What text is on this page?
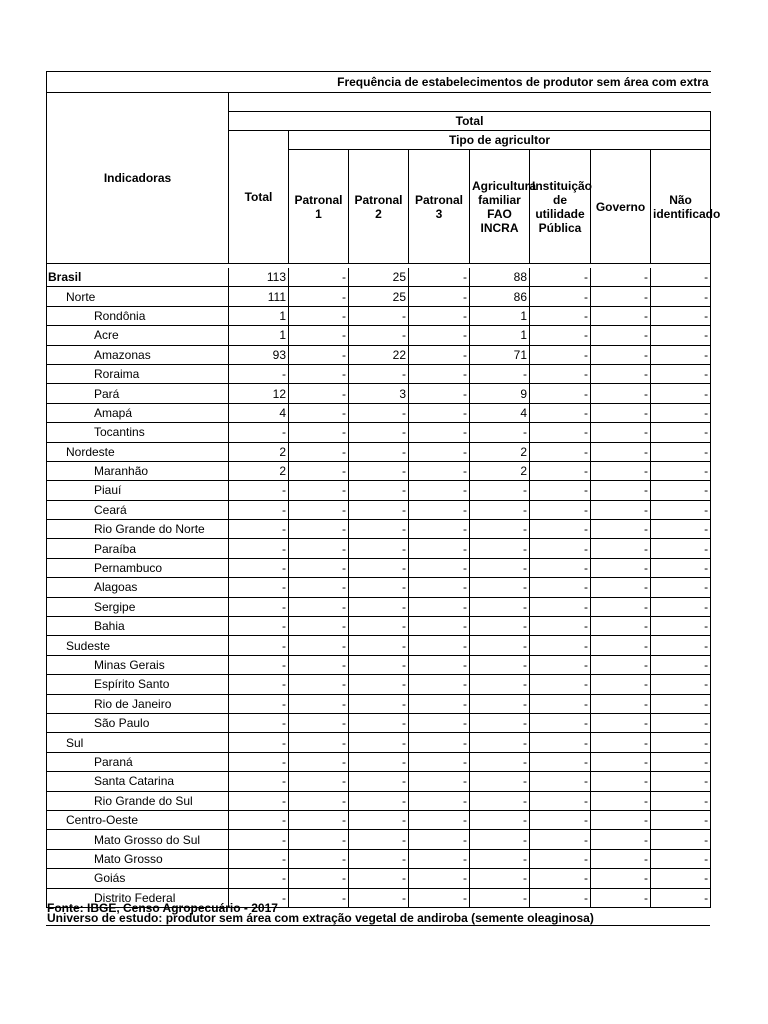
Frequência de estabelecimentos de produtor sem área com extra								
Indicadoras								
	Total							
	Total	Tipo de agricultor						
		Patronal 1	Patronal 2	Patronal 3	Agricultura familiar FAO INCRA	Instituição de utilidade Pública	Governo	Não identificado

Brasil	113	-	25	-	88	-	-	-
Norte	111	-	25	-	86	-	-	-
Rondônia	1	-	-	-	1	-	-	-
Acre	1	-	-	-	1	-	-	-
Amazonas	93	-	22	-	71	-	-	-
Roraima	-	-	-	-	-	-	-	-
Pará	12	-	3	-	9	-	-	-
Amapá	4	-	-	-	4	-	-	-
Tocantins	-	-	-	-	-	-	-	-
Nordeste	2	-	-	-	2	-	-	-
Maranhão	2	-	-	-	2	-	-	-
Piauí	-	-	-	-	-	-	-	-
Ceará	-	-	-	-	-	-	-	-
Rio Grande do Norte	-	-	-	-	-	-	-	-
Paraíba	-	-	-	-	-	-	-	-
Pernambuco	-	-	-	-	-	-	-	-
Alagoas	-	-	-	-	-	-	-	-
Sergipe	-	-	-	-	-	-	-	-
Bahia	-	-	-	-	-	-	-	-
Sudeste	-	-	-	-	-	-	-	-
Minas Gerais	-	-	-	-	-	-	-	-
Espírito Santo	-	-	-	-	-	-	-	-
Rio de Janeiro	-	-	-	-	-	-	-	-
São Paulo	-	-	-	-	-	-	-	-
Sul	-	-	-	-	-	-	-	-
Paraná	-	-	-	-	-	-	-	-
Santa Catarina	-	-	-	-	-	-	-	-
Rio Grande do Sul	-	-	-	-	-	-	-	-
Centro-Oeste	-	-	-	-	-	-	-	-
Mato Grosso do Sul	-	-	-	-	-	-	-	-
Mato Grosso	-	-	-	-	-	-	-	-
Goiás	-	-	-	-	-	-	-	-
Distrito Federal	-	-	-	-	-	-	-	-
Fonte: IBGE, Censo Agropecuário - 2017
Universo de estudo: produtor sem área com extração vegetal de andiroba (semente oleaginosa)
